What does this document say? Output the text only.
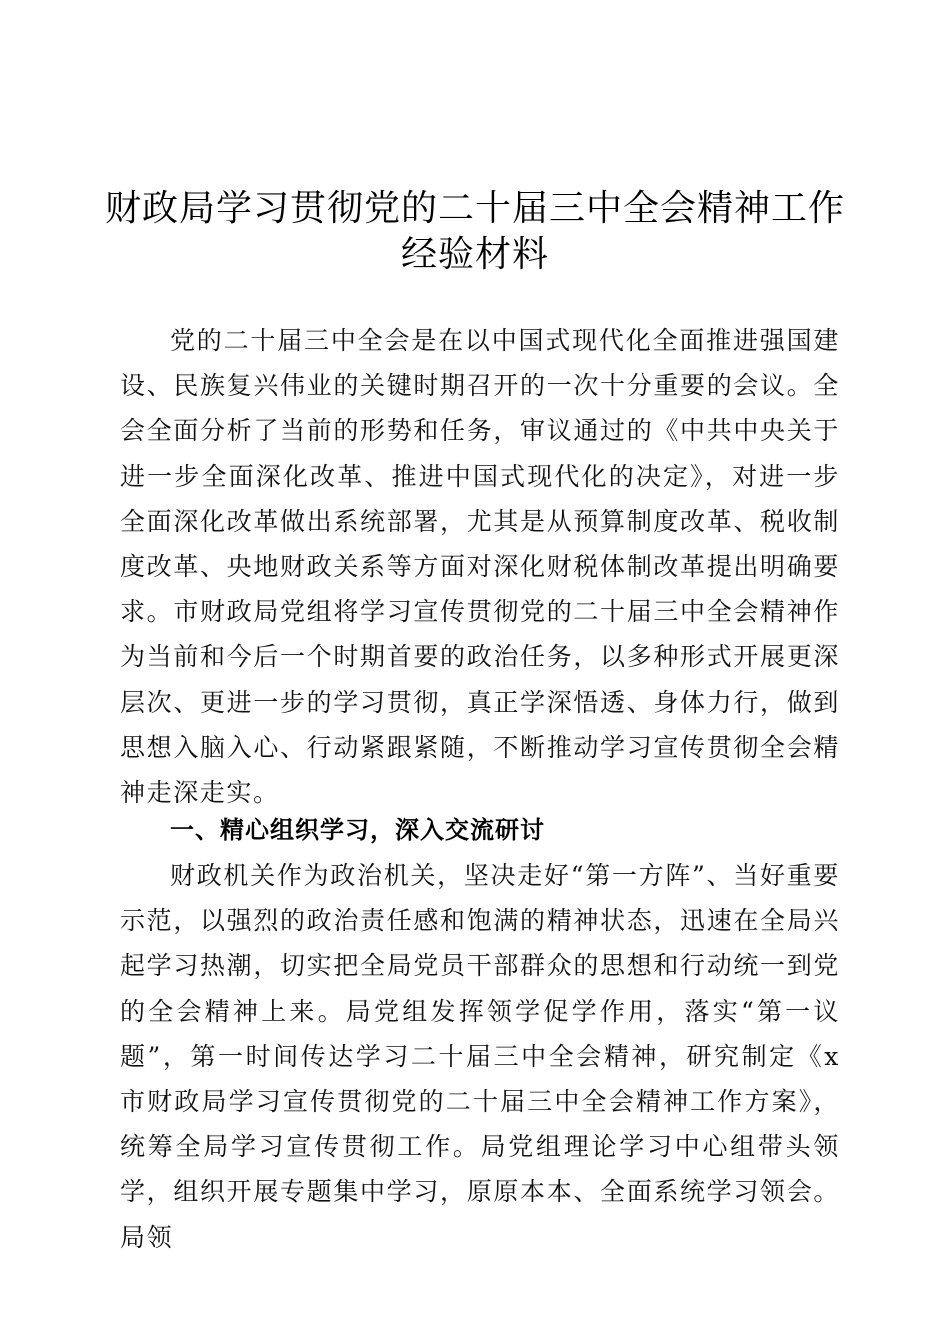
财政局学习贯彻党的二十届三中全会精神工作
经验材料

党的二十届三中全会是在以中国式现代化全面推进强国建设、民族复兴伟业的关键时期召开的一次十分重要的会议。全会全面分析了当前的形势和任务，审议通过的《中共中央关于进一步全面深化改革、推进中国式现代化的决定》，对进一步全面深化改革做出系统部署，尤其是从预算制度改革、税收制度改革、央地财政关系等方面对深化财税体制改革提出明确要求。市财政局党组将学习宣传贯彻党的二十届三中全会精神作为当前和今后一个时期首要的政治任务，以多种形式开展更深层次、更进一步的学习贯彻，真正学深悟透、身体力行，做到思想入脑入心、行动紧跟紧随，不断推动学习宣传贯彻全会精神走深走实。

一、精心组织学习，深入交流研讨

财政机关作为政治机关，坚决走好“第一方阵”、当好重要示范，以强烈的政治责任感和饱满的精神状态，迅速在全局兴起学习热潮，切实把全局党员干部群众的思想和行动统一到党的全会精神上来。局党组发挥领学促学作用，落实“第一议题”，第一时间传达学习二十届三中全会精神，研究制定《x市财政局学习宣传贯彻党的二十届三中全会精神工作方案》，统筹全局学习宣传贯彻工作。局党组理论学习中心组带头领学，组织开展专题集中学习，原原本本、全面系统学习领会。局领
